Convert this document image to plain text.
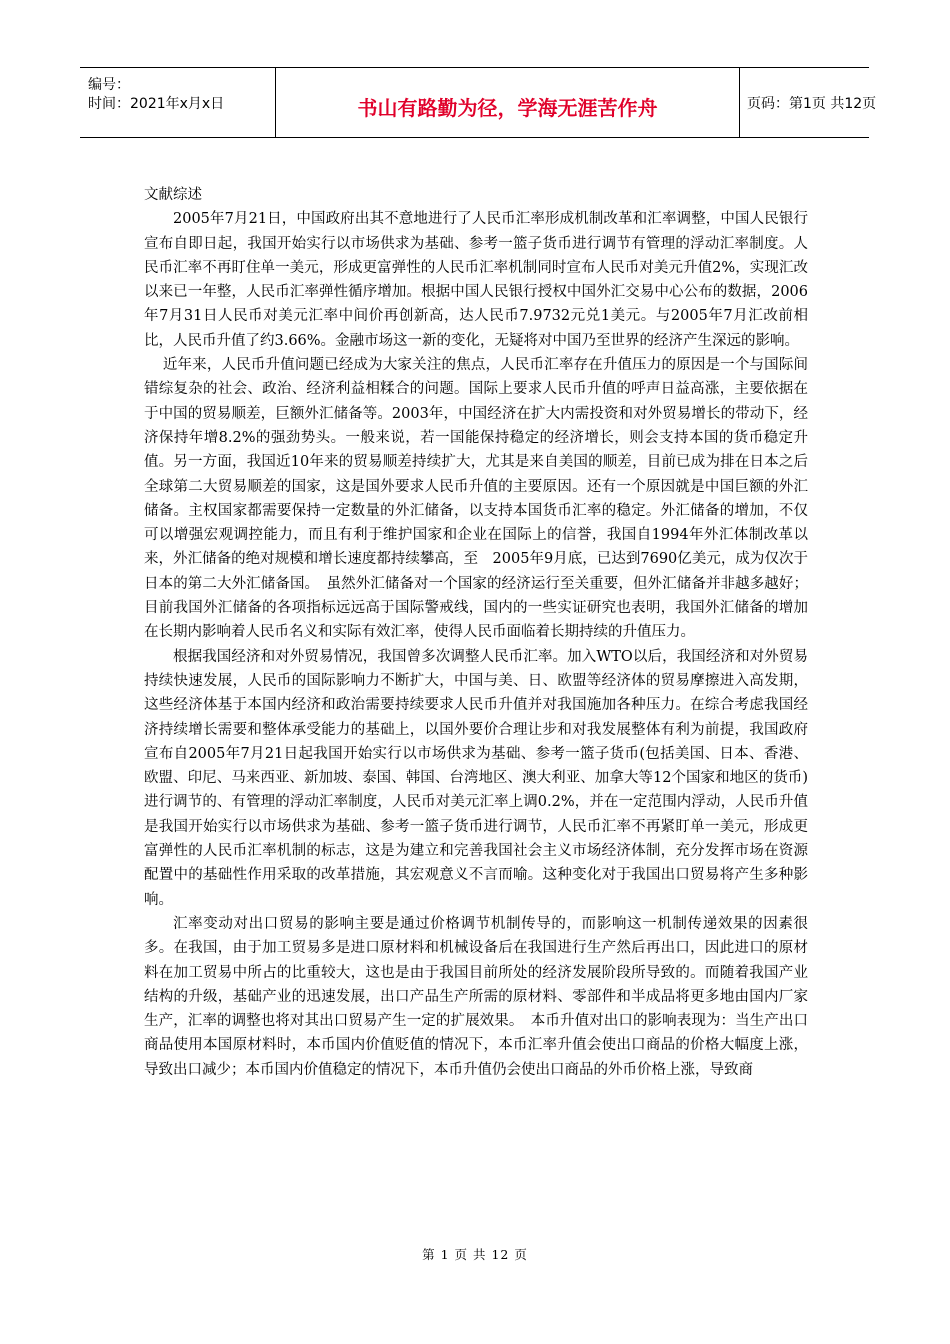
编号：
时间：2021年x月x日	书山有路勤为径，学海无涯苦作舟	页码：第1页 共12页
文献综述

2005年7月21日，中国政府出其不意地进行了人民币汇率形成机制改革和汇率调整，中国人民银行宣布自即日起，我国开始实行以市场供求为基础、参考一篮子货币进行调节有管理的浮动汇率制度。人民币汇率不再盯住单一美元，形成更富弹性的人民币汇率机制同时宣布人民币对美元升值2%，实现汇改以来已一年整，人民币汇率弹性循序增加。根据中国人民银行授权中国外汇交易中心公布的数据，2006年7月31日人民币对美元汇率中间价再创新高，达人民币7.9732元兑1美元。与2005年7月汇改前相比，人民币升值了约3.66%。金融市场这一新的变化，无疑将对中国乃至世界的经济产生深远的影响。

近年来，人民币升值问题已经成为大家关注的焦点，人民币汇率存在升值压力的原因是一个与国际间错综复杂的社会、政治、经济利益相糅合的问题。国际上要求人民币升值的呼声日益高涨，主要依据在于中国的贸易顺差，巨额外汇储备等。2003年，中国经济在扩大内需投资和对外贸易增长的带动下，经济保持年增8.2%的强劲势头。一般来说，若一国能保持稳定的经济增长，则会支持本国的货币稳定升值。另一方面，我国近10年来的贸易顺差持续扩大，尤其是来自美国的顺差，目前已成为排在日本之后全球第二大贸易顺差的国家，这是国外要求人民币升值的主要原因。还有一个原因就是中国巨额的外汇储备。主权国家都需要保持一定数量的外汇储备，以支持本国货币汇率的稳定。外汇储备的增加，不仅可以增强宏观调控能力，而且有利于维护国家和企业在国际上的信誉，我国自1994年外汇体制改革以来，外汇储备的绝对规模和增长速度都持续攀高，至　2005年9月底，已达到7690亿美元，成为仅次于日本的第二大外汇储备国。　虽然外汇储备对一个国家的经济运行至关重要，但外汇储备并非越多越好；目前我国外汇储备的各项指标远远高于国际警戒线，国内的一些实证研究也表明，我国外汇储备的增加在长期内影响着人民币名义和实际有效汇率，使得人民币面临着长期持续的升值压力。

根据我国经济和对外贸易情况，我国曾多次调整人民币汇率。加入WTO以后，我国经济和对外贸易持续快速发展，人民币的国际影响力不断扩大，中国与美、日、欧盟等经济体的贸易摩擦进入高发期，这些经济体基于本国内经济和政治需要持续要求人民币升值并对我国施加各种压力。在综合考虑我国经济持续增长需要和整体承受能力的基础上，以国外要价合理让步和对我发展整体有利为前提，我国政府宣布自2005年7月21日起我国开始实行以市场供求为基础、参考一篮子货币(包括美国、日本、香港、欧盟、印尼、马来西亚、新加坡、泰国、韩国、台湾地区、澳大利亚、加拿大等12个国家和地区的货币)进行调节的、有管理的浮动汇率制度，人民币对美元汇率上调0.2%，并在一定范围内浮动，人民币升值是我国开始实行以市场供求为基础、参考一篮子货币进行调节，人民币汇率不再紧盯单一美元，形成更富弹性的人民币汇率机制的标志，这是为建立和完善我国社会主义市场经济体制，充分发挥市场在资源配置中的基础性作用采取的改革措施，其宏观意义不言而喻。这种变化对于我国出口贸易将产生多种影响。

汇率变动对出口贸易的影响主要是通过价格调节机制传导的，而影响这一机制传递效果的因素很多。在我国，由于加工贸易多是进口原材料和机械设备后在我国进行生产然后再出口，因此进口的原材料在加工贸易中所占的比重较大，这也是由于我国目前所处的经济发展阶段所导致的。而随着我国产业结构的升级，基础产业的迅速发展，出口产品生产所需的原材料、零部件和半成品将更多地由国内厂家生产，汇率的调整也将对其出口贸易产生一定的扩展效果。　本币升值对出口的影响表现为：当生产出口商品使用本国原材料时，本币国内价值贬值的情况下，本币汇率升值会使出口商品的价格大幅度上涨，导致出口减少；本币国内价值稳定的情况下，本币升值仍会使出口商品的外币价格上涨，导致商

第 1 页 共 12 页
